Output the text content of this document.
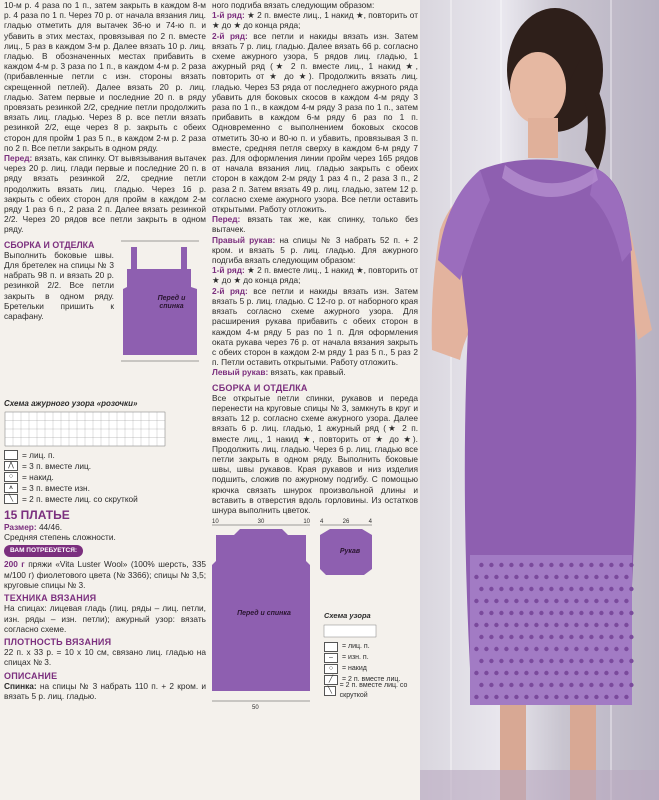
10-м р. 4 раза по 1 п., затем закрыть в каждом 8-м р. 4 раза по 1 п. Через 70 р. от начала вязания лиц. гладью отметить для вытачек 36-ю и 74-ю п. и убавить в этих местах, провязывая по 2 п. вместе лиц., 5 раз в каждом 3-м р. Далее вязать 10 р. лиц. гладью. В обозначенных местах прибавить в каждом 4-м р. 3 раза по 1 п., в каждом 4-м р. 2 раза (прибавленные петли с изн. стороны вязать скрещенной петлей). Далее вязать 20 р. лиц. гладью. Затем первые и последние 20 п. в ряду провязать резинкой 2/2, средние петли продолжить вязать лиц. гладью. Через 8 р. все петли вязать резинкой 2/2, еще через 8 р. закрыть с обеих сторон для пройм 1 раз 5 п., в каждом 2-м р. 2 раза по 2 п. Все петли закрыть в одном ряду.

Перед: вязать, как спинку. От вывязывания вытачек через 20 р. лиц. глади первые и последние 20 п. в ряду вязать резинкой 2/2, средние петли продолжить вязать лиц. гладью. Через 16 р. закрыть с обеих сторон для пройм в каждом 2-м ряду 1 раз 6 п., 2 раза 2 п. Далее вязать резинкой 2/2. Через 20 рядов все петли закрыть в одном ряду.

СБОРКА И ОТДЕЛКА

Выполнить боковые швы. Для бретелек на спицы № 3 набрать 98 п. и вязать 20 р. резинкой 2/2. Все петли закрыть в одном ряду. Бретельки пришить к сарафану.

Перед и спинка
Схема ажурного узора «розочки»
= лиц. п.
⋀ = 3 п. вместе лиц.
○	= накид.
⩚	= 3 п. вместе изн.
╲	= 2 п. вместе лиц. со скруткой
15 ПЛАТЬЕ

Размер: 44/46.

Средняя степень сложности.

ВАМ ПОТРЕБУЕТСЯ:

200 г пряжи «Vita Luster Wool» (100% шерсть, 335 м/100 г) фиолетового цвета (№ 3366); спицы № 3,5; круговые спицы № 3.

ТЕХНИКА ВЯЗАНИЯ

На спицах: лицевая гладь (лиц. ряды – лиц. петли, изн. ряды – изн. петли); ажурный узор: вязать согласно схеме.

ПЛОТНОСТЬ ВЯЗАНИЯ

22 п. x 33 р. = 10 x 10 см, связано лиц. гладью на спицах № 3.

ОПИСАНИЕ

Спинка: на спицы № 3 набрать 110 п. + 2 кром. и вязать 5 р. лиц. гладью.

ного подгиба вязать следующим образом:

1-й ряд: ★ 2 п. вместе лиц., 1 накид ★, повторить от ★ до ★ до конца ряда;

2-й ряд: все петли и накиды вязать изн. Затем вязать 7 р. лиц. гладью. Далее вязать 66 р. согласно схеме ажурного узора, 5 рядов лиц. гладью, 1 ажурный ряд (★ 2 п. вместе лиц., 1 накид ★, повторить от ★ до ★). Продолжить вязать лиц. гладью. Через 53 ряда от последнего ажурного ряда убавить для боковых скосов в каждом 4-м ряду 3 раза по 1 п., в каждом 4-м ряду 3 раза по 1 п., затем прибавить в каждом 6-м ряду 6 раз по 1 п. Одновременно с выполнением боковых скосов отметить 30-ю и 80-ю п. и убавить, провязывая 3 п. вместе, средняя петля сверху в каждом 6-м ряду 7 раз. Для оформления линии пройм через 165 рядов от начала вязания лиц. гладью закрыть с обеих сторон в каждом 2-м ряду 1 раз 4 п., 2 раза 3 п., 2 раза 2 п. Затем вязать 49 р. лиц. гладью, затем 12 р. согласно схеме ажурного узора. Все петли оставить открытыми. Работу отложить.

Перед: вязать так же, как спинку, только без вытачек.

Правый рукав: на спицы № 3 набрать 52 п. + 2 кром. и вязать 5 р. лиц. гладью. Для ажурного подгиба вязать следующим образом:

1-й ряд: ★ 2 п. вместе лиц., 1 накид ★, повторить от ★ до ★ до конца ряда;

2-й ряд: все петли и накиды вязать изн. Затем вязать 5 р. лиц. гладью. С 12-го р. от наборного края вязать согласно схеме ажурного узора. Для расширения рукава прибавить с обеих сторон в каждом 4-м ряду 5 раз по 1 п. Для оформления оката рукава через 76 р. от начала вязания закрыть с обеих сторон в каждом 2-м ряду 1 раз 5 п., 5 раз 2 п. Петли оставить открытыми. Работу отложить.

Левый рукав: вязать, как правый.

СБОРКА И ОТДЕЛКА

Все открытые петли спинки, рукавов и переда перенести на круговые спицы № 3, замкнуть в круг и вязать 12 р. согласно схеме ажурного узора. Далее вязать 6 р. лиц. гладью, 1 ажурный ряд (★ 2 п. вместе лиц., 1 накид ★, повторить от ★ до ★). Продолжить лиц. гладью. Через 6 р. лиц. гладью все петли закрыть в одном ряду. Выполнить боковые швы, швы рукавов. Края рукавов и низ изделия подшить, сложив по ажурному подгибу. С помощью крючка связать шнурок произвольной длины и вставить в отверстия вдоль горловины. Из остатков шнура выполнить цветок.

Перед и спинка
Рукав
10	30	10
50
4	26	4
Схема узора
= лиц. п.
–	= изн. п.
○	= накид
╱	= 2 п. вместе лиц.
╲
= 2 п. вместе лиц. со скруткой
